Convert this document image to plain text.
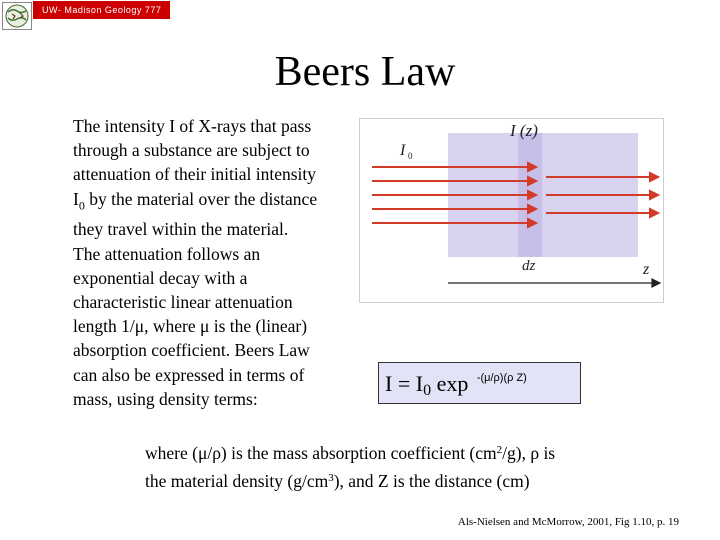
UW- Madison Geology 777
Beers Law
The intensity I of X-rays that pass
through a substance are subject to
attenuation of their initial intensity
$I_0$ by the material over the distance
they travel within the material.
The attenuation follows an
exponential decay with a
characteristic linear attenuation
length 1/μ, where μ is the (linear)
absorption coefficient. Beers Law
can also be expressed in terms of
mass, using density terms:
I 0
I (z)
dz	z
$I = I_0$ exp $^{-(\mu/\rho)(\rho Z)}$
where (μ/ρ) is the mass absorption coefficient $(cm^2/g)$, ρ is
the material density $(g/cm^3)$, and Z is the distance (cm)
Als-Nielsen and McMorrow, 2001, Fig 1.10, p. 19
